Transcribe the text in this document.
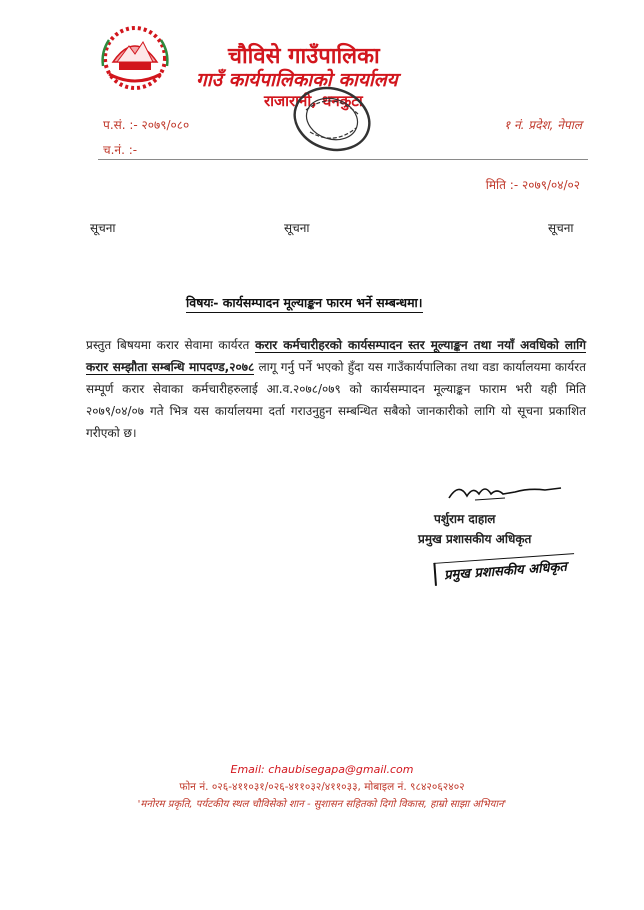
चौविसे गाउँपालिका
गाउँ कार्यपालिकाको कार्यालय
राजारानी, धनकुटा
प.सं. :- २०७९/०८०
च.नं. :-
१ नं. प्रदेश, नेपाल
मिति :- २०७९/०४/०२
सूचना	सूचना	सूचना
विषयः- कार्यसम्पादन मूल्याङ्कन फारम भर्ने सम्बन्धमा।
प्रस्तुत बिषयमा करार सेवामा कार्यरत करार कर्मचारीहरको कार्यसम्पादन स्तर मूल्याङ्कन तथा नयाँ अवधिको लागि करार सम्झौता सम्बन्धि मापदण्ड,२०७८ लागू गर्नु पर्ने भएको हुँदा यस गाउँकार्यपालिका तथा वडा कार्यालयमा कार्यरत सम्पूर्ण करार सेवाका कर्मचारीहरुलाई आ.व.२०७८/०७९ को कार्यसम्पादन मूल्याङ्कन फाराम भरी यही मिति २०७९/०४/०७ गते भित्र यस कार्यालयमा दर्ता गराउनुहुन सम्बन्धित सबैको जानकारीको लागि यो सूचना प्रकाशित गरीएको छ।
पर्शुराम दाहाल
प्रमुख प्रशासकीय अधिकृत
प्रमुख प्रशासकीय अधिकृत
Email: chaubisegapa@gmail.com
फोन नं. ०२६-४११०३१/०२६-४११०३२/४११०३३, मोबाइल नं. ९८४२०६२४०२
'मनोरम प्रकृति, पर्यटकीय स्थल चौविसेको शान - सुशासन सहितको दिगो विकास, हाम्रो साझा अभियान'
